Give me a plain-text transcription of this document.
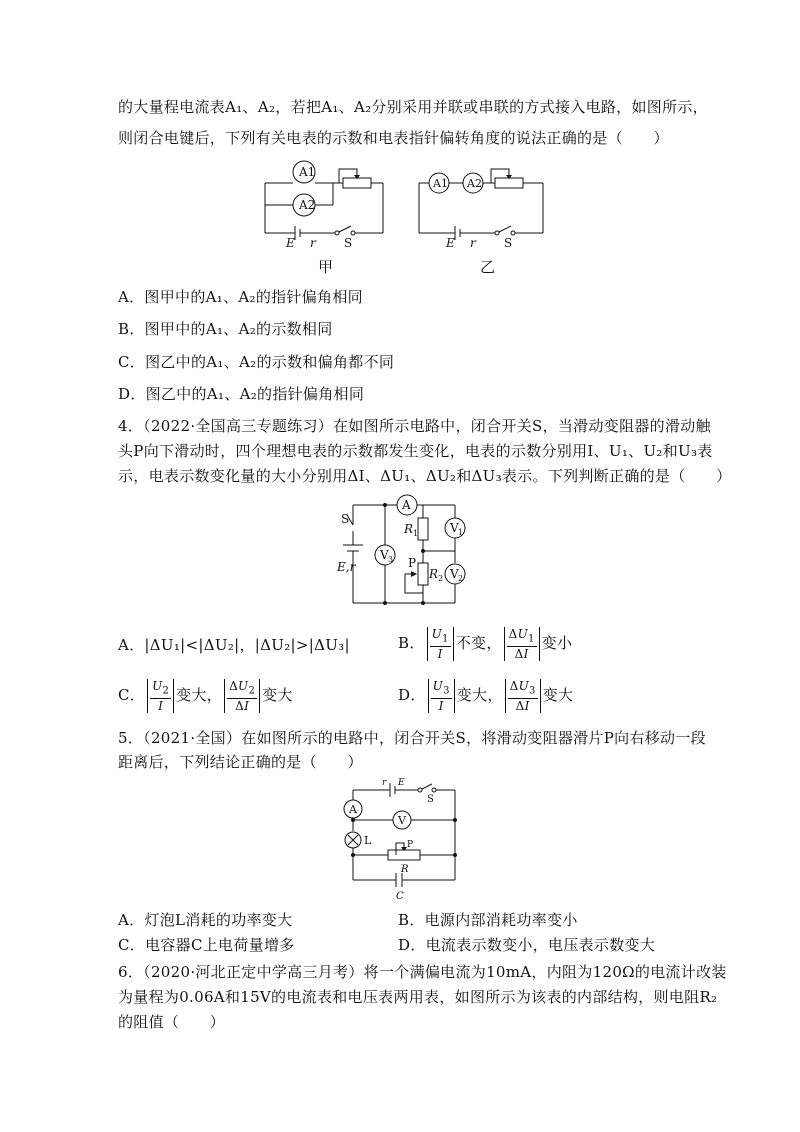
的大量程电流表A₁、A₂，若把A₁、A₂分别采用并联或串联的方式接入电路，如图所示，
则闭合电键后，下列有关电表的示数和电表指针偏转角度的说法正确的是（　　）
A1
A2
E r S
甲
A1 A2
E r S
乙
A．图甲中的A₁、A₂的指针偏角相同
B．图甲中的A₁、A₂的示数相同
C．图乙中的A₁、A₂的示数和偏角都不同
D．图乙中的A₁、A₂的指针偏角相同
4．（2022·全国高三专题练习）在如图所示电路中，闭合开关S，当滑动变阻器的滑动触
头P向下滑动时，四个理想电表的示数都发生变化，电表的示数分别用I、U₁、U₂和U₃表
示，电表示数变化量的大小分别用ΔI、ΔU₁、ΔU₂和ΔU₃表示。下列判断正确的是（　　）
A
S
R 1	V 1
V 3
E,r	P
R 2 V 2
A．|ΔU₁|<|ΔU₂|，|ΔU₂|>|ΔU₃|	B． $\frac{U_1}{I}$ 不变， $\frac{\Delta U_1}{\Delta I}$ 变小
C． $\frac{U_2}{I}$ 变大， $\frac{\Delta U_2}{\Delta I}$ 变大	D． $\frac{U_3}{I}$ 变大， $\frac{\Delta U_3}{\Delta I}$ 变大
5．（2021·全国）在如图所示的电路中，闭合开关S，将滑动变阻器滑片P向右移动一段
距离后，下列结论正确的是（　　）
r E
S
A
V
L	P
R
C
A．灯泡L消耗的功率变大	B．电源内部消耗功率变小
C．电容器C上电荷量增多	D．电流表示数变小，电压表示数变大
6．（2020·河北正定中学高三月考）将一个满偏电流为10mA，内阻为120Ω的电流计改装
为量程为0.06A和15V的电流表和电压表两用表，如图所示为该表的内部结构，则电阻R₂
的阻值（　　）
